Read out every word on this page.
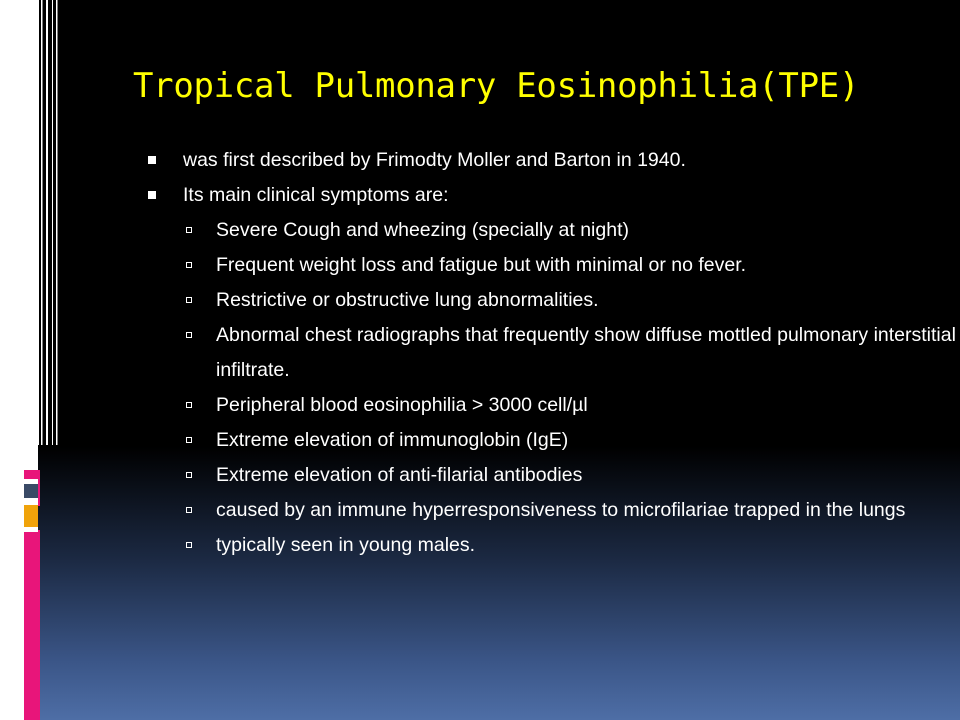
Tropical Pulmonary Eosinophilia(TPE)
was first described by Frimodty Moller and Barton in 1940.
Its main clinical symptoms are:
Severe Cough and wheezing (specially at night)
Frequent weight loss and fatigue but with minimal or no fever.
Restrictive or obstructive lung abnormalities.
Abnormal chest radiographs that frequently show diffuse mottled pulmonary interstitial infiltrate.
Peripheral blood eosinophilia > 3000 cell/µl
Extreme elevation of immunoglobin (IgE)
Extreme elevation of anti-filarial antibodies
caused by an immune hyperresponsiveness to microfilariae trapped in the lungs
typically seen in young males.
